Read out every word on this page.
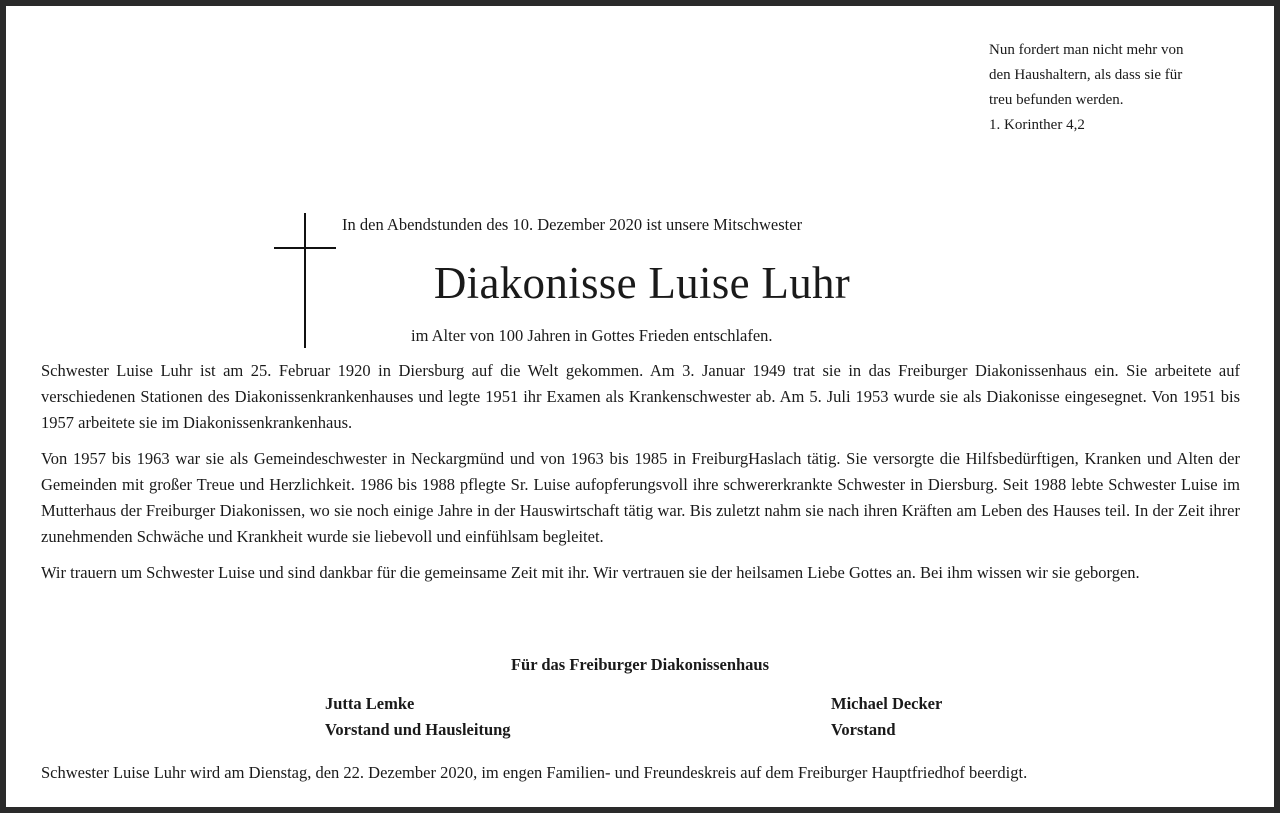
Nun fordert man nicht mehr von
den Haushaltern, als dass sie für
treu befunden werden.
1. Korinther 4,2
In den Abendstunden des 10. Dezember 2020 ist unsere Mitschwester
Diakonisse Luise Luhr
im Alter von 100 Jahren in Gottes Frieden entschlafen.

Schwester Luise Luhr ist am 25. Februar 1920 in Diersburg auf die Welt gekommen. Am 3. Januar 1949 trat sie in das Freiburger Diakonissenhaus ein. Sie arbeitete auf verschiedenen Stationen des Diakonissenkrankenhauses und legte 1951 ihr Examen als Krankenschwester ab. Am 5. Juli 1953 wurde sie als Diakonisse eingesegnet. Von 1951 bis 1957 arbeitete sie im Diakonissenkrankenhaus.

Von 1957 bis 1963 war sie als Gemeindeschwester in Neckargmünd und von 1963 bis 1985 in FreiburgHaslach tätig. Sie versorgte die Hilfsbedürftigen, Kranken und Alten der Gemeinden mit großer Treue und Herzlichkeit. 1986 bis 1988 pflegte Sr. Luise aufopferungsvoll ihre schwererkrankte Schwester in Diersburg. Seit 1988 lebte Schwester Luise im Mutterhaus der Freiburger Diakonissen, wo sie noch einige Jahre in der Hauswirtschaft tätig war. Bis zuletzt nahm sie nach ihren Kräften am Leben des Hauses teil. In der Zeit ihrer zunehmenden Schwäche und Krankheit wurde sie liebevoll und einfühlsam begleitet.

Wir trauern um Schwester Luise und sind dankbar für die gemeinsame Zeit mit ihr. Wir vertrauen sie der heilsamen Liebe Gottes an. Bei ihm wissen wir sie geborgen.

Für das Freiburger Diakonissenhaus
Jutta Lemke
Vorstand und Hausleitung
Michael Decker
Vorstand
Schwester Luise Luhr wird am Dienstag, den 22. Dezember 2020, im engen Familien- und Freundeskreis auf dem Freiburger Hauptfriedhof beerdigt.
